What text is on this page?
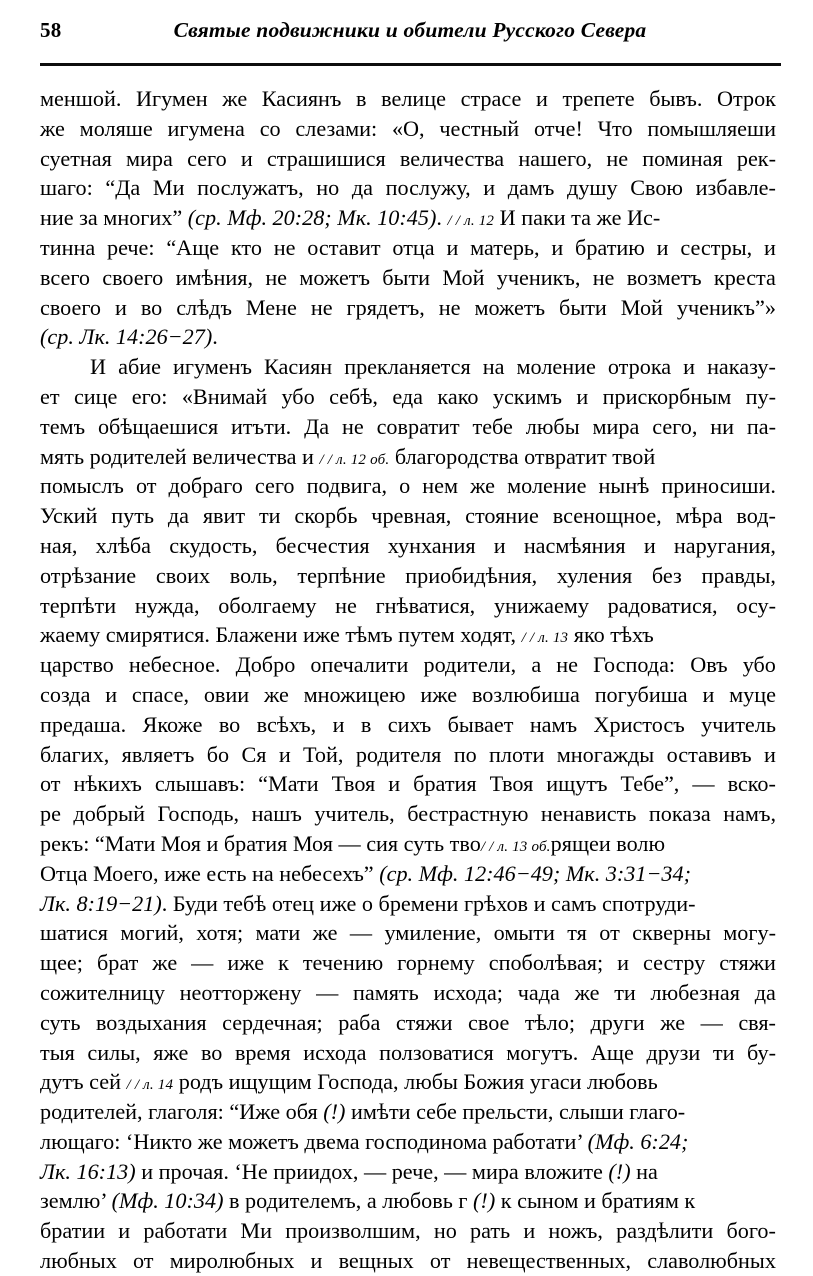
58	Святые подвижники и обители Русского Севера
меншой. Игумен же Касиянъ в велице страсе и трепете бывъ. Отрок
же моляше игумена со слезами: «О, честный отче! Что помышляеши
суетная мира сего и страшишися величества нашего, не поминая рек-
шаго: “Да Ми послужатъ, но да послужу, и дамъ душу Свою избавле-
ние за многих” (ср. Мф. 20:28; Мк. 10:45). / / л. 12 И паки та же Ис-
тинна рече: “Аще кто не оставит отца и матерь, и братию и сестры, и
всего своего имѣния, не можетъ быти Мой ученикъ, не возметъ креста
своего и во слѣдъ Мене не грядетъ, не можетъ быти Мой ученикъ”»
(ср. Лк. 14:26−27).
И абие игуменъ Касиян прекланяется на моление отрока и наказу-
ет сице его: «Внимай убо себѣ, еда како ускимъ и прискорбным пу-
темъ обѣщаешися итъти. Да не совратит тебе любы мира сего, ни па-
мять родителей величества и / / л. 12 об. благородства отвратит твой
помыслъ от добраго сего подвига, о нем же моление нынѣ приносиши.
Уский путь да явит ти скорбь чревная, стояние всенощное, мѣра вод-
ная, хлѣба скудость, бесчестия хунхания и насмѣяния и наругания,
отрѣзание своих воль, терпѣние приобидѣния, хуления без правды,
терпѣти нужда, оболгаему не гнѣватися, унижаему радоватися, осу-
жаему смирятися. Блажени иже тѣмъ путем ходят, / / л. 13 яко тѣхъ
царство небесное. Добро опечалити родители, а не Господа: Овъ убо
созда и спасе, овии же множицею иже возлюбиша погубиша и муце
предаша. Якоже во всѣхъ, и в сихъ бывает намъ Христосъ учитель
благих, являетъ бо Ся и Той, родителя по плоти многажды оставивъ и
от нѣкихъ слышавъ: “Мати Твоя и братия Твоя ищутъ Тебе”, — вско-
ре добрый Господь, нашъ учитель, бестрастную ненависть показа намъ,
рекъ: “Мати Моя и братия Моя — сия суть тво/ / л. 13 об.рящеи волю
Отца Моего, иже есть на небесехъ” (ср. Мф. 12:46−49; Мк. 3:31−34;
Лк. 8:19−21). Буди тебѣ отец иже о бремени грѣхов и самъ спотруди-
шатися могий, хотя; мати же — умиление, омыти тя от скверны могу-
щее; брат же — иже к течению горнему споболѣвая; и сестру стяжи
сожителницу неотторжену — память исхода; чада же ти любезная да
суть воздыхания сердечная; раба стяжи свое тѣло; други же — свя-
тыя силы, яже во время исхода ползоватися могутъ. Аще друзи ти бу-
дутъ сей / / л. 14 родъ ищущим Господа, любы Божия угаси любовь
родителей, глаголя: “Иже обя (!) имѣти себе прельсти, слыши глаго-
лющаго: ‘Никто же можетъ двема господинома работати’ (Мф. 6:24;
Лк. 16:13) и прочая. ‘Не приидох, — рече, — мира вложите (!) на
землю’ (Мф. 10:34) в родителемъ, а любовь г (!) к сыном и братиям к
братии и работати Ми произволшим, но рать и ножъ, раздѣлити бого-
любных от миролюбных и вещных от невещественных, славолюбных
